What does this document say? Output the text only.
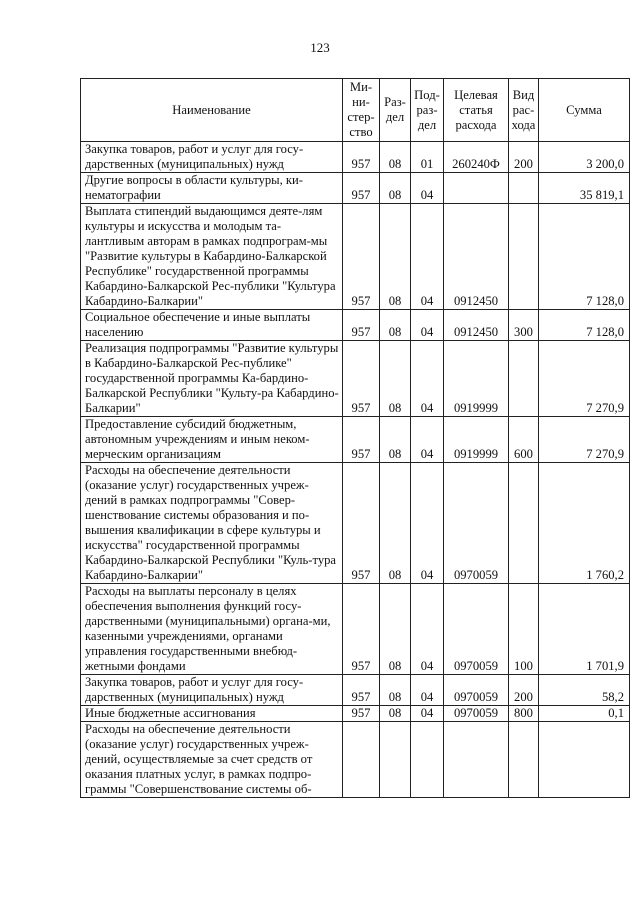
123
Наименование	Ми-ни-стер-ство	Раз-дел	Под-раз-дел	Целевая статья расхода	Вид рас-хода	Сумма
Закупка товаров, работ и услуг для госу-дарственных (муниципальных) нужд	957	08	01	260240Ф	200	3 200,0
Другие вопросы в области культуры, ки-нематографии	957	08	04			35 819,1
Выплата стипендий выдающимся деяте-лям культуры и искусства и молодым та-лантливым авторам в рамках подпрограм-мы "Развитие культуры в Кабардино-Балкарской Республике" государственной программы Кабардино-Балкарской Рес-публики "Культура Кабардино-Балкарии"	957	08	04	0912450		7 128,0
Социальное обеспечение и иные выплаты населению	957	08	04	0912450	300	7 128,0
Реализация подпрограммы "Развитие культуры в Кабардино-Балкарской Рес-публике" государственной программы Ка-бардино-Балкарской Республики "Культу-ра Кабардино-Балкарии"	957	08	04	0919999		7 270,9
Предоставление субсидий бюджетным, автономным учреждениям и иным неком-мерческим организациям	957	08	04	0919999	600	7 270,9
Расходы на обеспечение деятельности (оказание услуг) государственных учреж-дений в рамках подпрограммы "Совер-шенствование системы образования и по-вышения квалификации в сфере культуры и искусства" государственной программы Кабардино-Балкарской Республики "Куль-тура Кабардино-Балкарии"	957	08	04	0970059		1 760,2
Расходы на выплаты персоналу в целях обеспечения выполнения функций госу-дарственными (муниципальными) органа-ми, казенными учреждениями, органами управления государственными внебюд-жетными фондами	957	08	04	0970059	100	1 701,9
Закупка товаров, работ и услуг для госу-дарственных (муниципальных) нужд	957	08	04	0970059	200	58,2
Иные бюджетные ассигнования	957	08	04	0970059	800	0,1
Расходы на обеспечение деятельности (оказание услуг) государственных учреж-дений, осуществляемые за счет средств от оказания платных услуг, в рамках подпро-граммы "Совершенствование системы об-						
